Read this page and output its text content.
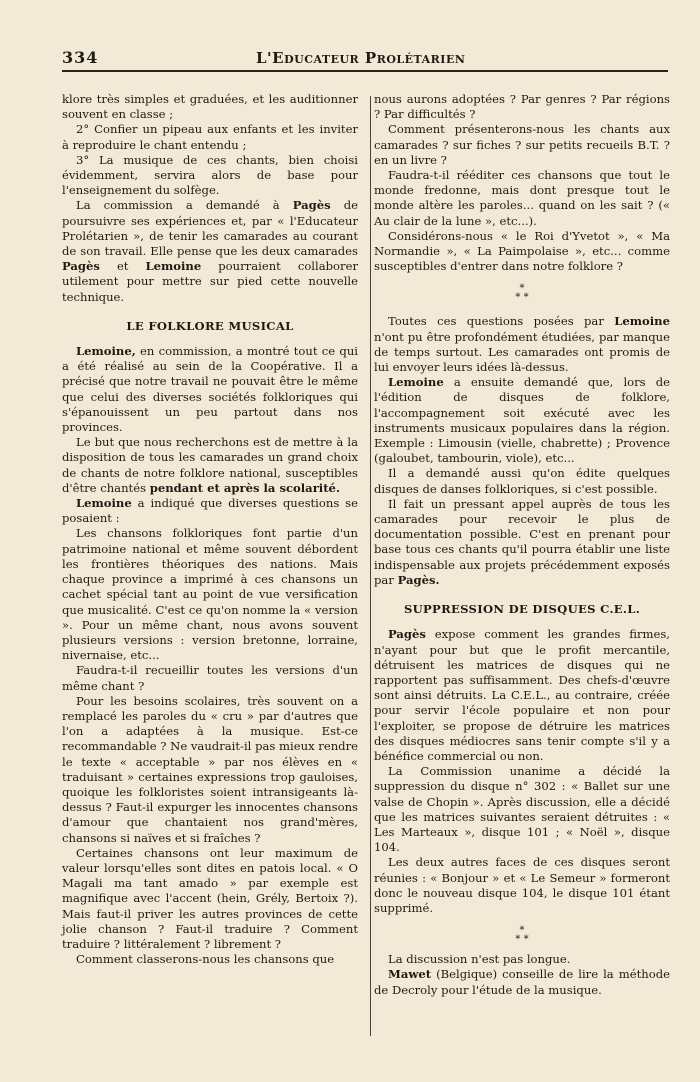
334	L'Educateur Prolétarien

klore très simples et graduées, et les auditionner souvent en classe ;

2° Confier un pipeau aux enfants et les inviter à reproduire le chant entendu ;

3° La musique de ces chants, bien choisi évidemment, servira alors de base pour l'enseignement du solfège.

La commission a demandé à Pagès de poursuivre ses expériences et, par « l'Educateur Prolétarien », de tenir les camarades au courant de son travail. Elle pense que les deux camarades Pagès et Lemoine pourraient collaborer utilement pour mettre sur pied cette nouvelle technique.

LE FOLKLORE MUSICAL

Lemoine, en commission, a montré tout ce qui a été réalisé au sein de la Coopérative. Il a précisé que notre travail ne pouvait être le même que celui des diverses sociétés folkloriques qui s'épanouissent un peu partout dans nos provinces.

Le but que nous recherchons est de mettre à la disposition de tous les camarades un grand choix de chants de notre folklore national, susceptibles d'être chantés pendant et après la scolarité.

Lemoine a indiqué que diverses questions se posaient :

Les chansons folkloriques font partie d'un patrimoine national et même souvent débordent les frontières théoriques des nations. Mais chaque province a imprimé à ces chansons un cachet spécial tant au point de vue versification que musicalité. C'est ce qu'on nomme la « version ». Pour un même chant, nous avons souvent plusieurs versions : version bretonne, lorraine, nivernaise, etc...

Faudra-t-il recueillir toutes les versions d'un même chant ?

Pour les besoins scolaires, très souvent on a remplacé les paroles du « cru » par d'autres que l'on a adaptées à la musique. Est-ce recommandable ? Ne vaudrait-il pas mieux rendre le texte « acceptable » par nos élèves en « traduisant » certaines expressions trop gauloises, quoique les folkloristes soient intransigeants là-dessus ? Faut-il expurger les innocentes chansons d'amour que chantaient nos grand'mères, chansons si naïves et si fraîches ?

Certaines chansons ont leur maximum de valeur lorsqu'elles sont dites en patois local. « O Magali ma tant amado » par exemple est magnifique avec l'accent (hein, Grély, Bertoix ?). Mais faut-il priver les autres provinces de cette jolie chanson ? Faut-il traduire ? Comment traduire ? littéralement ? librement ?

Comment classerons-nous les chansons que

nous aurons adoptées ? Par genres ? Par régions ? Par difficultés ?

Comment présenterons-nous les chants aux camarades ? sur fiches ? sur petits recueils B.T. ? en un livre ?

Faudra-t-il rééditer ces chansons que tout le monde fredonne, mais dont presque tout le monde altère les paroles... quand on les sait ? (« Au clair de la lune », etc...).

Considérons-nous « le Roi d'Yvetot », « Ma Normandie », « La Paimpolaise », etc... comme susceptibles d'entrer dans notre folklore ?

*
* *

Toutes ces questions posées par Lemoine n'ont pu être profondément étudiées, par manque de temps surtout. Les camarades ont promis de lui envoyer leurs idées là-dessus.

Lemoine a ensuite demandé que, lors de l'édition de disques de folklore, l'accompagnement soit exécuté avec les instruments musicaux populaires dans la région. Exemple : Limousin (vielle, chabrette) ; Provence (galoubet, tambourin, viole), etc...

Il a demandé aussi qu'on édite quelques disques de danses folkloriques, si c'est possible.

Il fait un pressant appel auprès de tous les camarades pour recevoir le plus de documentation possible. C'est en prenant pour base tous ces chants qu'il pourra établir une liste indispensable aux projets précédemment exposés par Pagès.

SUPPRESSION DE DISQUES C.E.L.

Pagès expose comment les grandes firmes, n'ayant pour but que le profit mercantile, détruisent les matrices de disques qui ne rapportent pas suffisamment. Des chefs-d'œuvre sont ainsi détruits. La C.E.L., au contraire, créée pour servir l'école populaire et non pour l'exploiter, se propose de détruire les matrices des disques médiocres sans tenir compte s'il y a bénéfice commercial ou non.

La Commission unanime a décidé la suppression du disque n° 302 : « Ballet sur une valse de Chopin ». Après discussion, elle a décidé que les matrices suivantes seraient détruites : « Les Marteaux », disque 101 ; « Noël », disque 104.

Les deux autres faces de ces disques seront réunies : « Bonjour » et « Le Semeur » formeront donc le nouveau disque 104, le disque 101 étant supprimé.

*
* *

La discussion n'est pas longue.

Mawet (Belgique) conseille de lire la méthode de Decroly pour l'étude de la musique.
